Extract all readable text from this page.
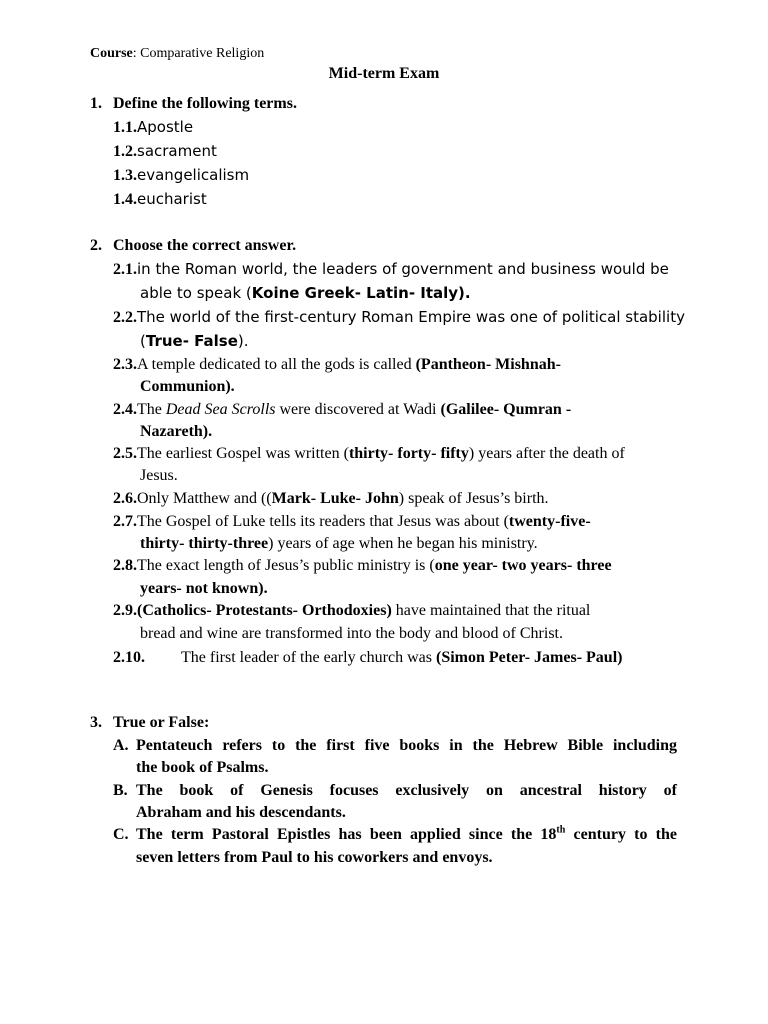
Course: Comparative Religion
Mid-term Exam
1. Define the following terms.
1.1.Apostle
1.2.sacrament
1.3.evangelicalism
1.4.eucharist
2. Choose the correct answer.
2.1.in the Roman world, the leaders of government and business would be
able to speak (Koine Greek- Latin- Italy).
2.2.The world of the first-century Roman Empire was one of political stability
(True- False).
2.3.A temple dedicated to all the gods is called (Pantheon- Mishnah-
Communion).
2.4.The Dead Sea Scrolls were discovered at Wadi (Galilee- Qumran -
Nazareth).
2.5.The earliest Gospel was written (thirty- forty- fifty) years after the death of
Jesus.
2.6.Only Matthew and ((Mark- Luke- John) speak of Jesus’s birth.
2.7.The Gospel of Luke tells its readers that Jesus was about (twenty-five-
thirty- thirty-three) years of age when he began his ministry.
2.8.The exact length of Jesus’s public ministry is (one year- two years- three
years- not known).
2.9.(Catholics- Protestants- Orthodoxies) have maintained that the ritual
bread and wine are transformed into the body and blood of Christ.
2.10. The first leader of the early church was (Simon Peter- James- Paul)
3. True or False:
A. Pentateuch refers to the first five books in the Hebrew Bible including
the book of Psalms.
B. The book of Genesis focuses exclusively on ancestral history of
Abraham and his descendants.
C. The term Pastoral Epistles has been applied since the 18th century to the
seven letters from Paul to his coworkers and envoys.
